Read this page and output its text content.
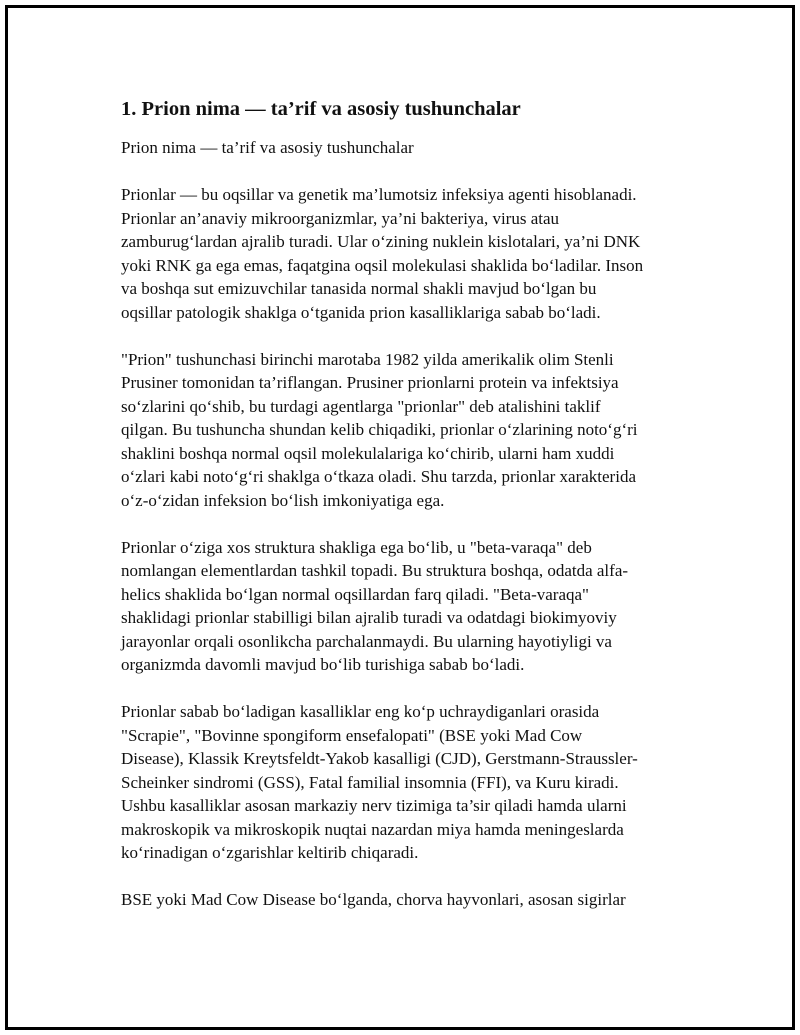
1. Prion nima — ta’rif va asosiy tushunchalar
Prion nima — ta’rif va asosiy tushunchalar
Prionlar — bu oqsillar va genetik ma’lumotsiz infeksiya agenti hisoblanadi.
Prionlar an’anaviy mikroorganizmlar, ya’ni bakteriya, virus atau
zamburug‘lardan ajralib turadi. Ular o‘zining nuklein kislotalari, ya’ni DNK
yoki RNK ga ega emas, faqatgina oqsil molekulasi shaklida bo‘ladilar. Inson
va boshqa sut emizuvchilar tanasida normal shakli mavjud bo‘lgan bu
oqsillar patologik shaklga o‘tganida prion kasalliklariga sabab bo‘ladi.
"Prion" tushunchasi birinchi marotaba 1982 yilda amerikalik olim Stenli
Prusiner tomonidan ta’riflangan. Prusiner prionlarni protein va infektsiya
so‘zlarini qo‘shib, bu turdagi agentlarga "prionlar" deb atalishini taklif
qilgan. Bu tushuncha shundan kelib chiqadiki, prionlar o‘zlarining noto‘g‘ri
shaklini boshqa normal oqsil molekulalariga ko‘chirib, ularni ham xuddi
o‘zlari kabi noto‘g‘ri shaklga o‘tkaza oladi. Shu tarzda, prionlar xarakterida
o‘z-o‘zidan infeksion bo‘lish imkoniyatiga ega.
Prionlar o‘ziga xos struktura shakliga ega bo‘lib, u "beta-varaqa" deb
nomlangan elementlardan tashkil topadi. Bu struktura boshqa, odatda alfa-
helics shaklida bo‘lgan normal oqsillardan farq qiladi. "Beta-varaqa"
shaklidagi prionlar stabilligi bilan ajralib turadi va odatdagi biokimyoviy
jarayonlar orqali osonlikcha parchalanmaydi. Bu ularning hayotiyligi va
organizmda davomli mavjud bo‘lib turishiga sabab bo‘ladi.
Prionlar sabab bo‘ladigan kasalliklar eng ko‘p uchraydiganlari orasida
"Scrapie", "Bovinne spongiform ensefalopati" (BSE yoki Mad Cow
Disease), Klassik Kreytsfeldt-Yakob kasalligi (CJD), Gerstmann-Straussler-
Scheinker sindromi (GSS), Fatal familial insomnia (FFI), va Kuru kiradi.
Ushbu kasalliklar asosan markaziy nerv tizimiga ta’sir qiladi hamda ularni
makroskopik va mikroskopik nuqtai nazardan miya hamda meningeslarda
ko‘rinadigan o‘zgarishlar keltirib chiqaradi.
BSE yoki Mad Cow Disease bo‘lganda, chorva hayvonlari, asosan sigirlar
